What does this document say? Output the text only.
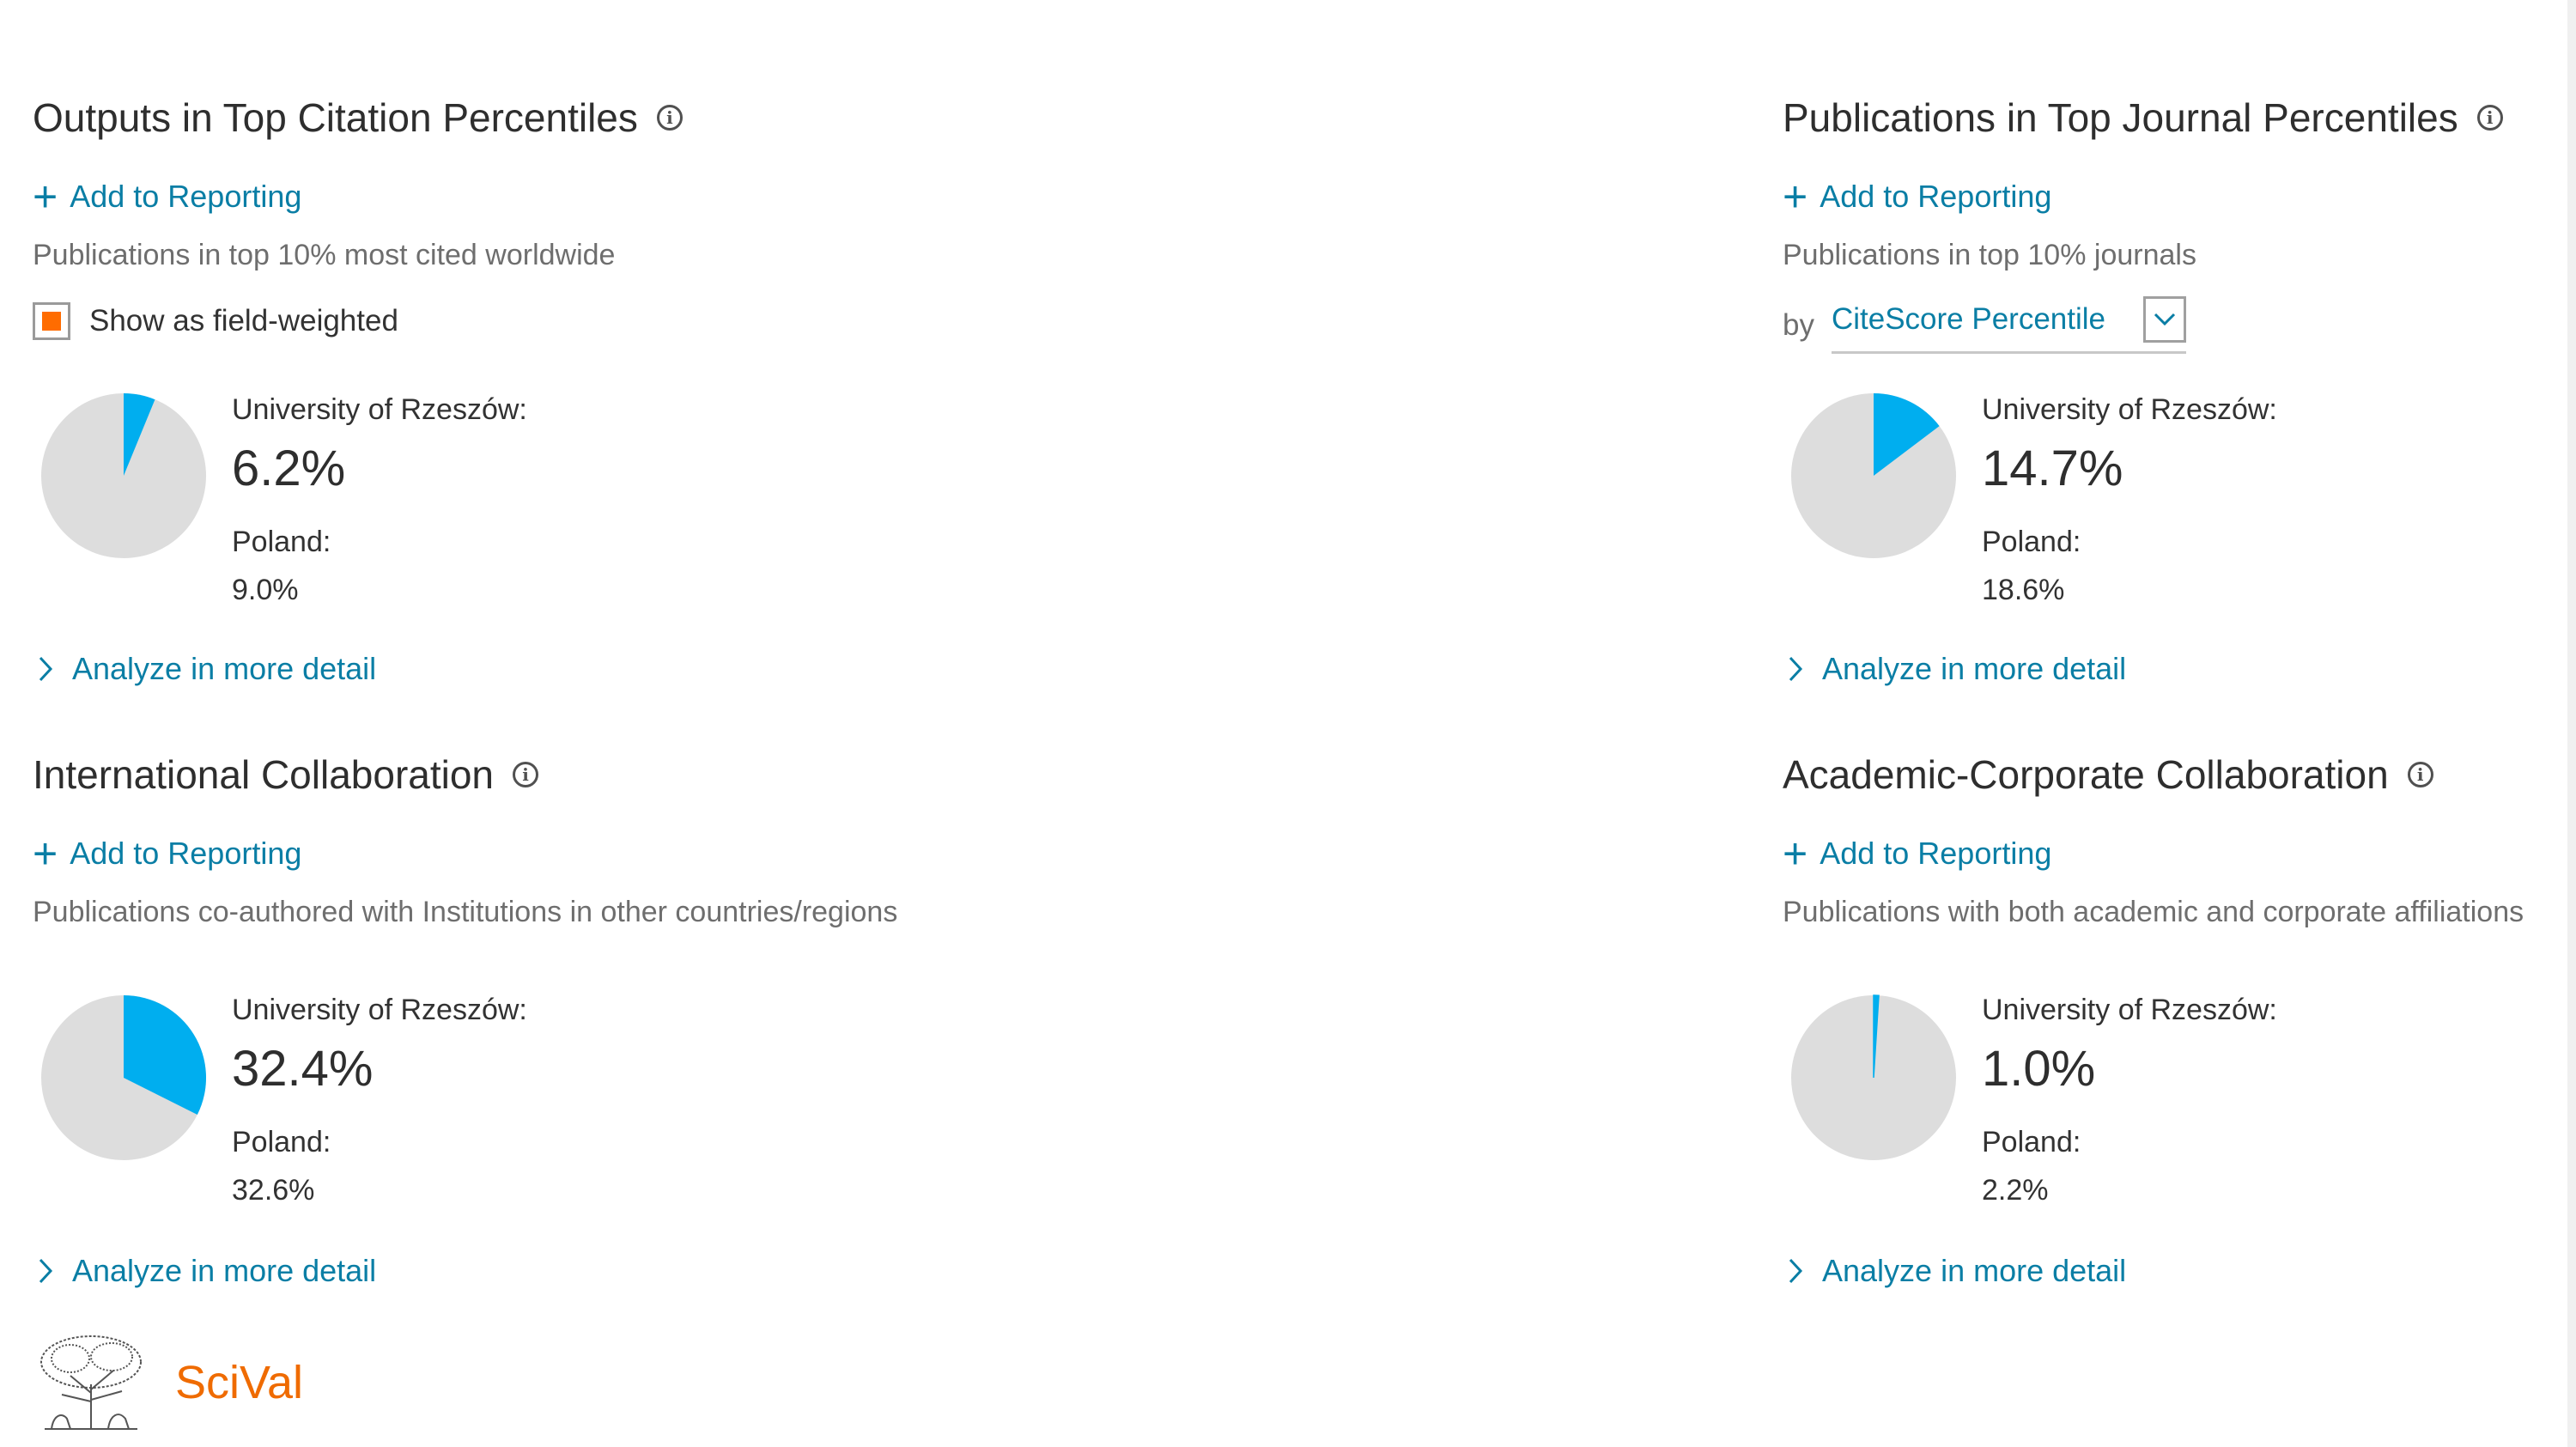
Outputs in Top Citation Percentiles	i
+ Add to Reporting
Publications in top 10% most cited worldwide
Show as field-weighted
University of Rzeszów:
6.2%
Poland:
9.0%
Analyze in more detail
Publications in Top Journal Percentiles	i
+ Add to Reporting
Publications in top 10% journals
by CiteScore Percentile
University of Rzeszów:
14.7%
Poland:
18.6%
Analyze in more detail
International Collaboration	i
+ Add to Reporting
Publications co-authored with Institutions in other countries/regions
University of Rzeszów:
32.4%
Poland:
32.6%
Analyze in more detail
Academic-Corporate Collaboration	i
+ Add to Reporting
Publications with both academic and corporate affiliations
University of Rzeszów:
1.0%
Poland:
2.2%
Analyze in more detail
SciVal
